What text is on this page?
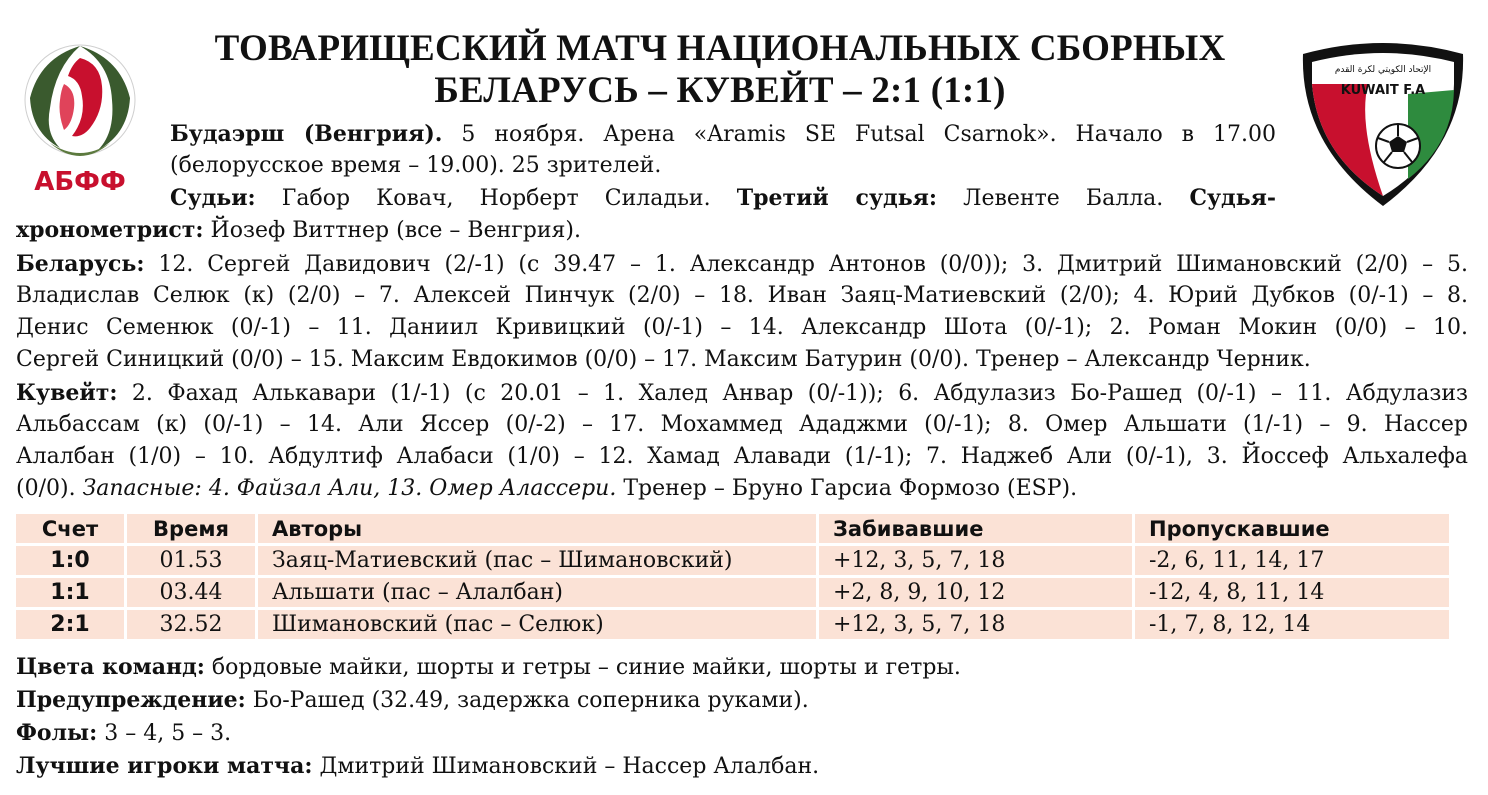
АБФФ
الإتحاد الكويتي لكرة القدم
KUWAIT F.A
ТОВАРИЩЕСКИЙ МАТЧ НАЦИОНАЛЬНЫХ СБОРНЫХ
БЕЛАРУСЬ – КУВЕЙТ – 2:1 (1:1)
Будаэрш (Венгрия). 5 ноября. Арена «Aramis SE Futsal Csarnok». Начало в 17.00
(белорусское время – 19.00). 25 зрителей.
Судьи: Габор Ковач, Норберт Силадьи. Третий судья: Левенте Балла. Судья-
хронометрист: Йозеф Виттнер (все – Венгрия).
Беларусь: 12. Сергей Давидович (2/-1) (с 39.47 – 1. Александр Антонов (0/0)); 3. Дмитрий Шимановский (2/0) – 5.
Владислав Селюк (к) (2/0) – 7. Алексей Пинчук (2/0) – 18. Иван Заяц-Матиевский (2/0); 4. Юрий Дубков (0/-1) – 8.
Денис Семенюк (0/-1) – 11. Даниил Кривицкий (0/-1) – 14. Александр Шота (0/-1); 2. Роман Мокин (0/0) – 10.
Сергей Синицкий (0/0) – 15. Максим Евдокимов (0/0) – 17. Максим Батурин (0/0). Тренер – Александр Черник.
Кувейт: 2. Фахад Алькавари (1/-1) (с 20.01 – 1. Халед Анвар (0/-1)); 6. Абдулазиз Бо-Рашед (0/-1) – 11. Абдулазиз
Альбассам (к) (0/-1) – 14. Али Яссер (0/-2) – 17. Мохаммед Ададжми (0/-1); 8. Омер Альшати (1/-1) – 9. Нассер
Алалбан (1/0) – 10. Абдултиф Алабаси (1/0) – 12. Хамад Алавади (1/-1); 7. Наджеб Али (0/-1), 3. Йоссеф Альхалефа
(0/0). Запасные: 4. Файзал Али, 13. Омер Алассери. Тренер – Бруно Гарсиа Формозо (ESP).
Счет	Время	Авторы	Забивавшие	Пропускавшие
1:0	01.53	Заяц-Матиевский (пас – Шимановский)	+12, 3, 5, 7, 18	-2, 6, 11, 14, 17
1:1	03.44	Альшати (пас – Алалбан)	+2, 8, 9, 10, 12	-12, 4, 8, 11, 14
2:1	32.52	Шимановский (пас – Селюк)	+12, 3, 5, 7, 18	-1, 7, 8, 12, 14
Цвета команд: бордовые майки, шорты и гетры – синие майки, шорты и гетры.
Предупреждение: Бо-Рашед (32.49, задержка соперника руками).
Фолы: 3 – 4, 5 – 3.
Лучшие игроки матча: Дмитрий Шимановский – Нассер Алалбан.
